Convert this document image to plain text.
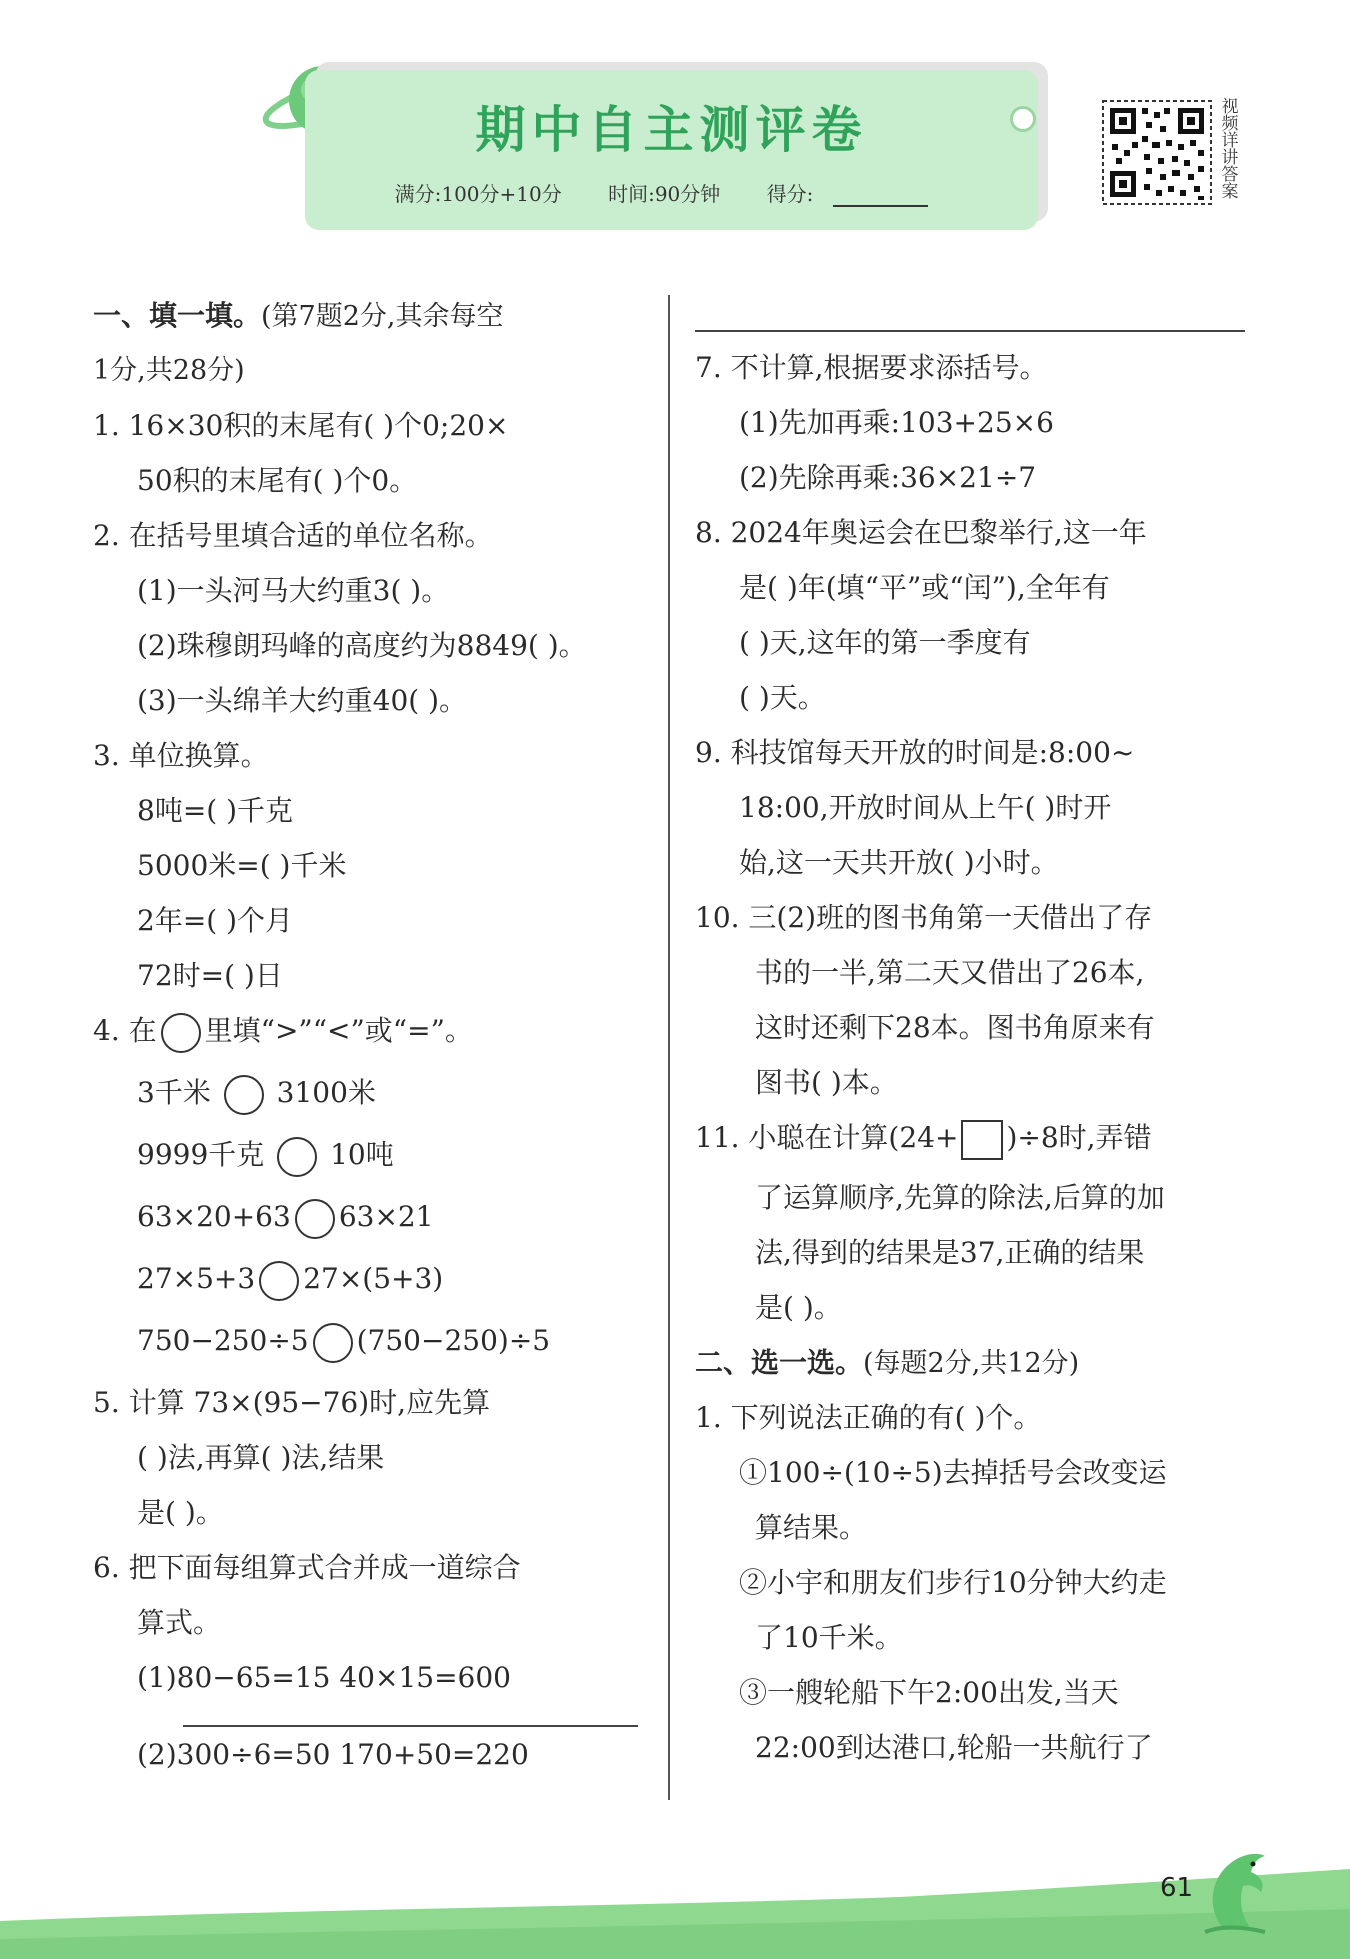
期中自主测评卷
满分:100分+10分 时间:90分钟 得分:
视频详讲答案
一、填一填。(第7题2分,其余每空
1分,共28分)
1. 16×30积的末尾有( )个0;20×
50积的末尾有( )个0。
2. 在括号里填合适的单位名称。
(1)一头河马大约重3( )。
(2)珠穆朗玛峰的高度约为8849( )。
(3)一头绵羊大约重40( )。
3. 单位换算。
8吨=( )千克
5000米=( )千米
2年=( )个月
72时=( )日
4. 在 里填“>”“<”或“=”。
3千米 3100米
9999千克 10吨
63×20+63 63×21
27×5+3 27×(5+3)
750−250÷5 (750−250)÷5
5. 计算 73×(95−76)时,应先算
( )法,再算( )法,结果
是( )。
6. 把下面每组算式合并成一道综合
算式。
(1)80−65=15 40×15=600
(2)300÷6=50 170+50=220
7. 不计算,根据要求添括号。
(1)先加再乘:103+25×6
(2)先除再乘:36×21÷7
8. 2024年奥运会在巴黎举行,这一年
是( )年(填“平”或“闰”),全年有
( )天,这年的第一季度有
( )天。
9. 科技馆每天开放的时间是:8:00~
18:00,开放时间从上午( )时开
始,这一天共开放( )小时。
10. 三(2)班的图书角第一天借出了存
书的一半,第二天又借出了26本,
这时还剩下28本。图书角原来有
图书( )本。
11. 小聪在计算(24+ )÷8时,弄错
了运算顺序,先算的除法,后算的加
法,得到的结果是37,正确的结果
是( )。
二、选一选。(每题2分,共12分)
1. 下列说法正确的有( )个。
①100÷(10÷5)去掉括号会改变运
算结果。
②小宇和朋友们步行10分钟大约走
了10千米。
③一艘轮船下午2:00出发,当天
22:00到达港口,轮船一共航行了
61
